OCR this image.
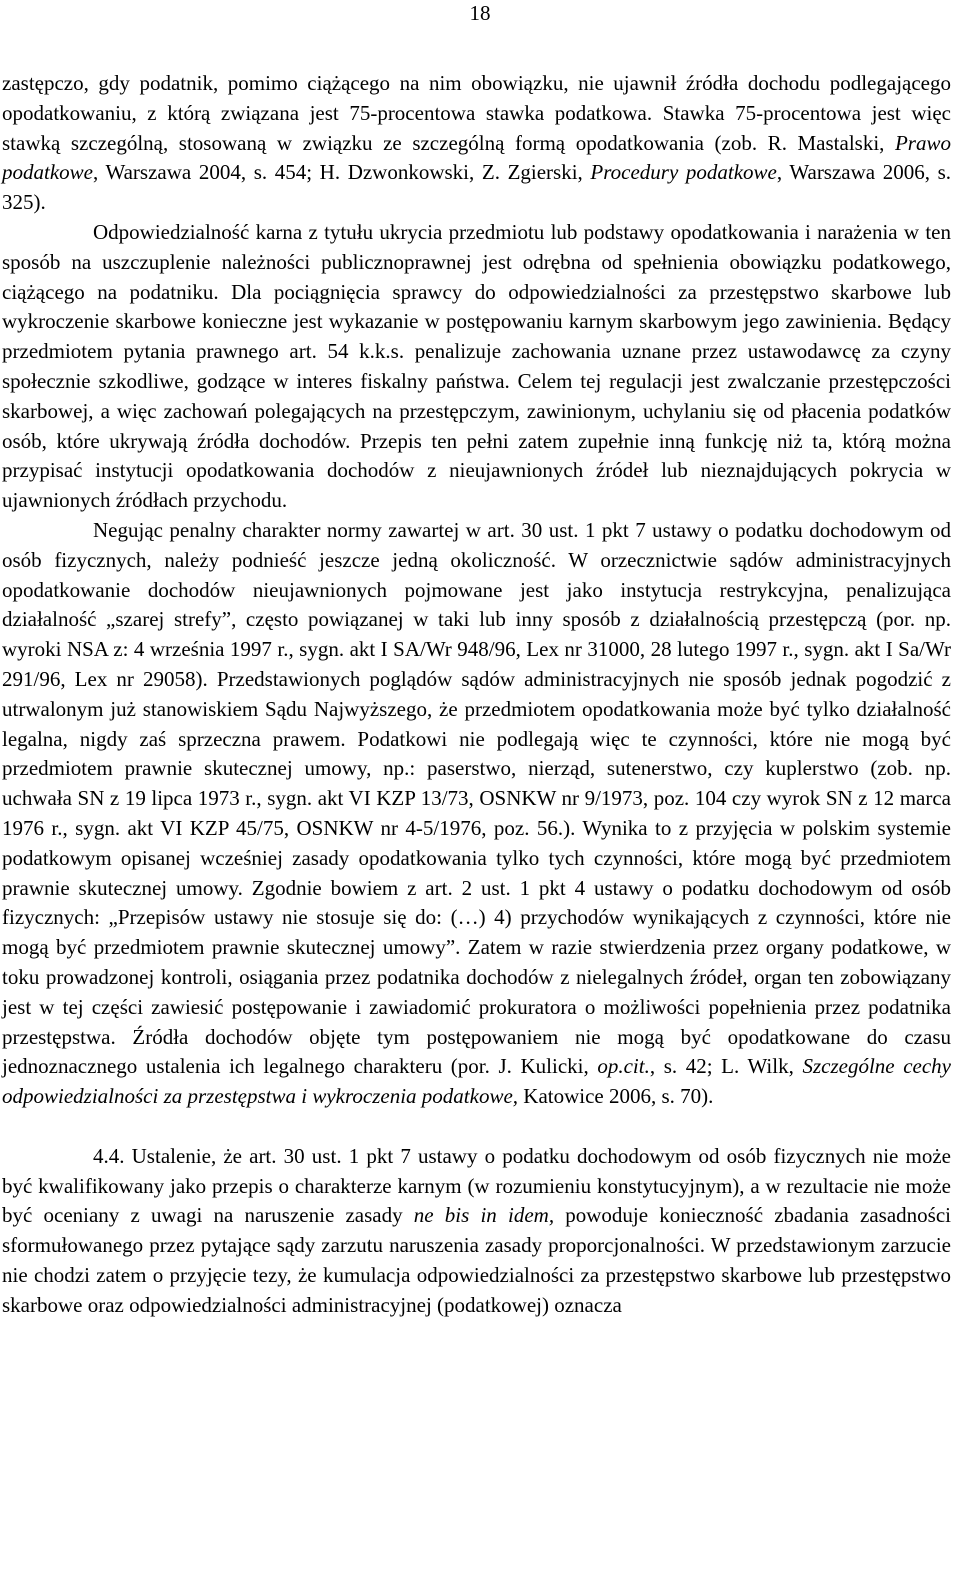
18

zastępczo, gdy podatnik, pomimo ciążącego na nim obowiązku, nie ujawnił źródła dochodu podlegającego opodatkowaniu, z którą związana jest 75-procentowa stawka podatkowa. Stawka 75-procentowa jest więc stawką szczególną, stosowaną w związku ze szczególną formą opodatkowania (zob. R. Mastalski, Prawo podatkowe, Warszawa 2004, s. 454; H. Dzwonkowski, Z. Zgierski, Procedury podatkowe, Warszawa 2006, s. 325).

Odpowiedzialność karna z tytułu ukrycia przedmiotu lub podstawy opodatkowania i narażenia w ten sposób na uszczuplenie należności publicznoprawnej jest odrębna od spełnienia obowiązku podatkowego, ciążącego na podatniku. Dla pociągnięcia sprawcy do odpowiedzialności za przestępstwo skarbowe lub wykroczenie skarbowe konieczne jest wykazanie w postępowaniu karnym skarbowym jego zawinienia. Będący przedmiotem pytania prawnego art. 54 k.k.s. penalizuje zachowania uznane przez ustawodawcę za czyny społecznie szkodliwe, godzące w interes fiskalny państwa. Celem tej regulacji jest zwalczanie przestępczości skarbowej, a więc zachowań polegających na przestępczym, zawinionym, uchylaniu się od płacenia podatków osób, które ukrywają źródła dochodów. Przepis ten pełni zatem zupełnie inną funkcję niż ta, którą można przypisać instytucji opodatkowania dochodów z nieujawnionych źródeł lub nieznajdujących pokrycia w ujawnionych źródłach przychodu.

Negując penalny charakter normy zawartej w art. 30 ust. 1 pkt 7 ustawy o podatku dochodowym od osób fizycznych, należy podnieść jeszcze jedną okoliczność. W orzecznictwie sądów administracyjnych opodatkowanie dochodów nieujawnionych pojmowane jest jako instytucja restrykcyjna, penalizująca działalność „szarej strefy”, często powiązanej w taki lub inny sposób z działalnością przestępczą (por. np. wyroki NSA z: 4 września 1997 r., sygn. akt I SA/Wr 948/96, Lex nr 31000, 28 lutego 1997 r., sygn. akt I Sa/Wr 291/96, Lex nr 29058). Przedstawionych poglądów sądów administracyjnych nie sposób jednak pogodzić z utrwalonym już stanowiskiem Sądu Najwyższego, że przedmiotem opodatkowania może być tylko działalność legalna, nigdy zaś sprzeczna prawem. Podatkowi nie podlegają więc te czynności, które nie mogą być przedmiotem prawnie skutecznej umowy, np.: paserstwo, nierząd, sutenerstwo, czy kuplerstwo (zob. np. uchwała SN z 19 lipca 1973 r., sygn. akt VI KZP 13/73, OSNKW nr 9/1973, poz. 104 czy wyrok SN z 12 marca 1976 r., sygn. akt VI KZP 45/75, OSNKW nr 4-5/1976, poz. 56.). Wynika to z przyjęcia w polskim systemie podatkowym opisanej wcześniej zasady opodatkowania tylko tych czynności, które mogą być przedmiotem prawnie skutecznej umowy. Zgodnie bowiem z art. 2 ust. 1 pkt 4 ustawy o podatku dochodowym od osób fizycznych: „Przepisów ustawy nie stosuje się do: (…) 4) przychodów wynikających z czynności, które nie mogą być przedmiotem prawnie skutecznej umowy”. Zatem w razie stwierdzenia przez organy podatkowe, w toku prowadzonej kontroli, osiągania przez podatnika dochodów z nielegalnych źródeł, organ ten zobowiązany jest w tej części zawiesić postępowanie i zawiadomić prokuratora o możliwości popełnienia przez podatnika przestępstwa. Źródła dochodów objęte tym postępowaniem nie mogą być opodatkowane do czasu jednoznacznego ustalenia ich legalnego charakteru (por. J. Kulicki, op.cit., s. 42; L. Wilk, Szczególne cechy odpowiedzialności za przestępstwa i wykroczenia podatkowe, Katowice 2006, s. 70).

4.4. Ustalenie, że art. 30 ust. 1 pkt 7 ustawy o podatku dochodowym od osób fizycznych nie może być kwalifikowany jako przepis o charakterze karnym (w rozumieniu konstytucyjnym), a w rezultacie nie może być oceniany z uwagi na naruszenie zasady ne bis in idem, powoduje konieczność zbadania zasadności sformułowanego przez pytające sądy zarzutu naruszenia zasady proporcjonalności. W przedstawionym zarzucie nie chodzi zatem o przyjęcie tezy, że kumulacja odpowiedzialności za przestępstwo skarbowe lub przestępstwo skarbowe oraz odpowiedzialności administracyjnej (podatkowej) oznacza
